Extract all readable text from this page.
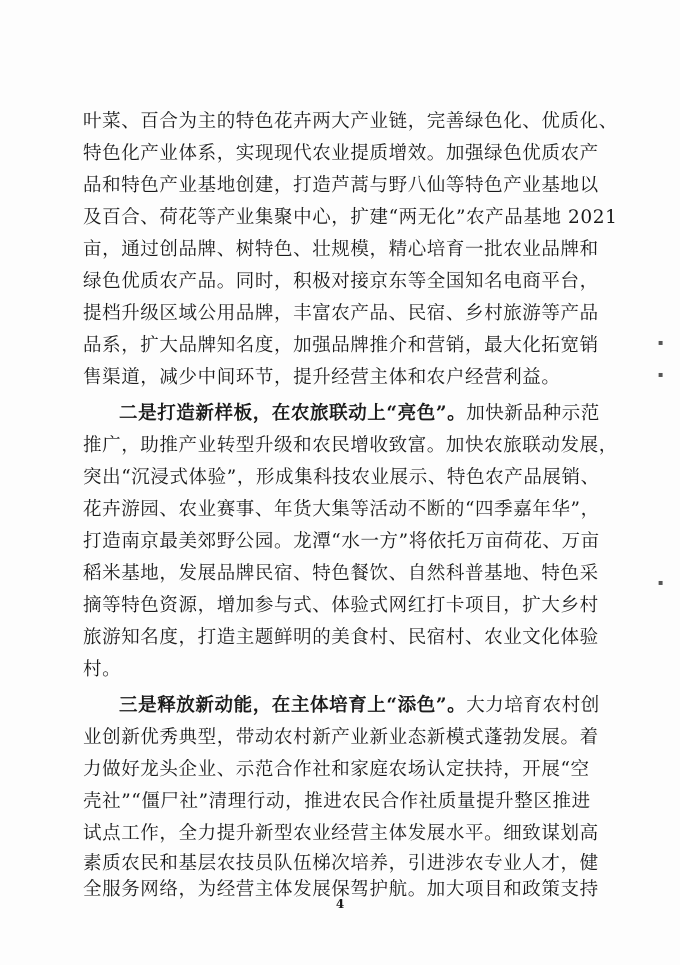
叶菜、百合为主的特色花卉两大产业链，完善绿色化、优质化、
特色化产业体系，实现现代农业提质增效。加强绿色优质农产
品和特色产业基地创建，打造芦蒿与野八仙等特色产业基地以
及百合、荷花等产业集聚中心，扩建“两无化”农产品基地 2021
亩，通过创品牌、树特色、壮规模，精心培育一批农业品牌和
绿色优质农产品。同时，积极对接京东等全国知名电商平台，
提档升级区域公用品牌，丰富农产品、民宿、乡村旅游等产品
品系，扩大品牌知名度，加强品牌推介和营销，最大化拓宽销
售渠道，减少中间环节，提升经营主体和农户经营利益。
二是打造新样板，在农旅联动上“亮色”。加快新品种示范
推广，助推产业转型升级和农民增收致富。加快农旅联动发展，
突出“沉浸式体验”，形成集科技农业展示、特色农产品展销、
花卉游园、农业赛事、年货大集等活动不断的“四季嘉年华”，
打造南京最美郊野公园。龙潭“水一方”将依托万亩荷花、万亩
稻米基地，发展品牌民宿、特色餐饮、自然科普基地、特色采
摘等特色资源，增加参与式、体验式网红打卡项目，扩大乡村
旅游知名度，打造主题鲜明的美食村、民宿村、农业文化体验
村。
三是释放新动能，在主体培育上“添色”。大力培育农村创
业创新优秀典型，带动农村新产业新业态新模式蓬勃发展。着
力做好龙头企业、示范合作社和家庭农场认定扶持，开展“空
壳社”“僵尸社”清理行动，推进农民合作社质量提升整区推进
试点工作，全力提升新型农业经营主体发展水平。细致谋划高
素质农民和基层农技员队伍梯次培养，引进涉农专业人才，健
全服务网络，为经营主体发展保驾护航。加大项目和政策支持
▪
▪
▪
4
